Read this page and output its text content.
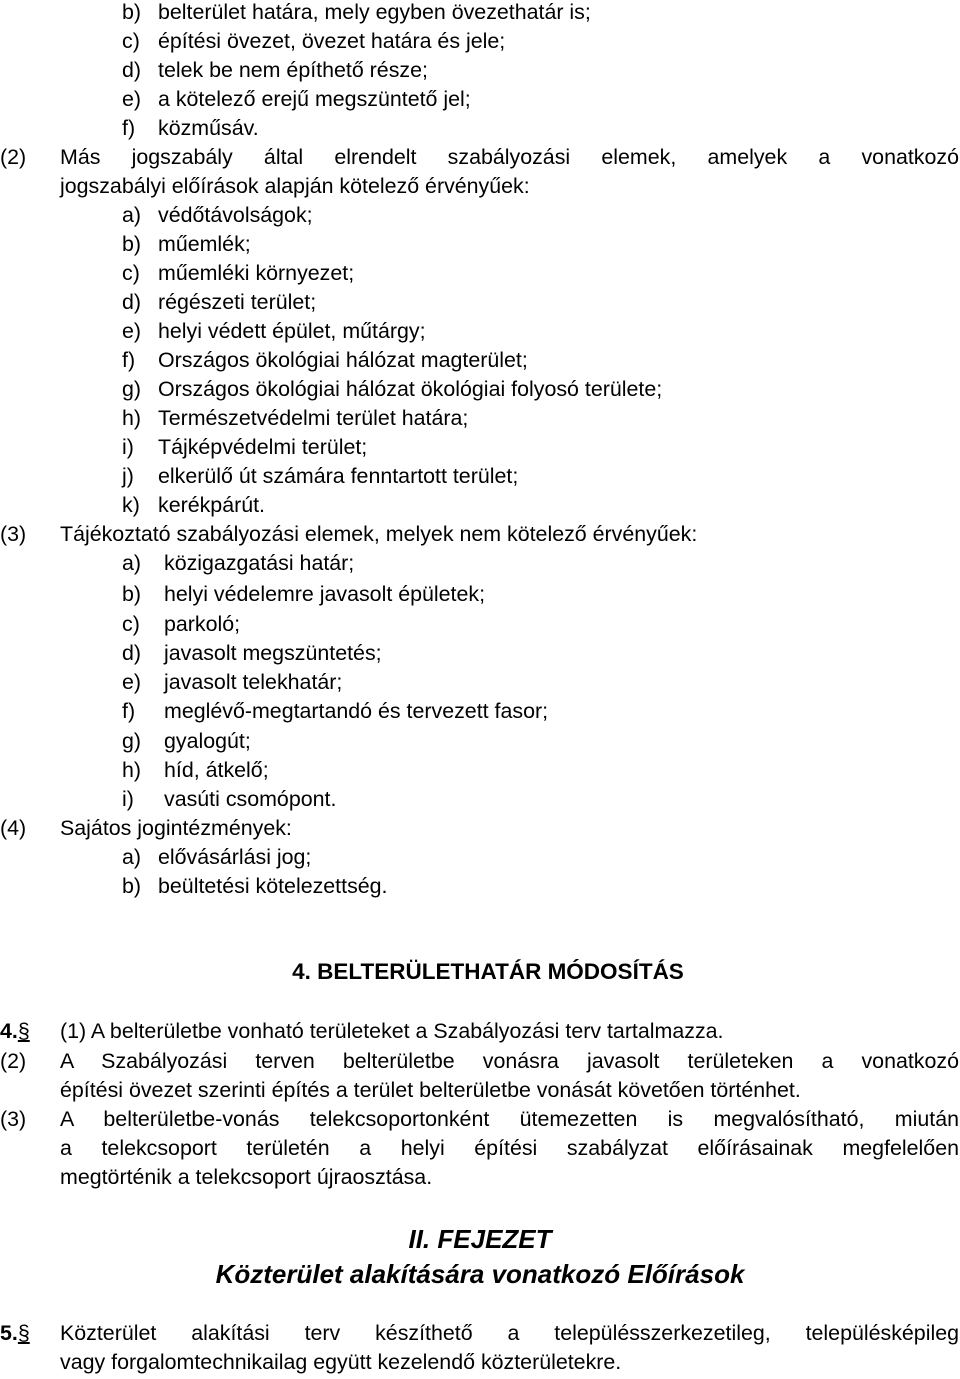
b) belterület határa, mely egyben övezethatár is;
c) építési övezet, övezet határa és jele;
d) telek be nem építhető része;
e) a kötelező erejű megszüntető jel;
f) közműsáv.
(2) Más jogszabály által elrendelt szabályozási elemek, amelyek a vonatkozó
jogszabályi előírások alapján kötelező érvényűek:
a) védőtávolságok;
b) műemlék;
c) műemléki környezet;
d) régészeti terület;
e) helyi védett épület, műtárgy;
f) Országos ökológiai hálózat magterület;
g) Országos ökológiai hálózat ökológiai folyosó területe;
h) Természetvédelmi terület határa;
i) Tájképvédelmi terület;
j) elkerülő út számára fenntartott terület;
k) kerékpárút.
(3) Tájékoztató szabályozási elemek, melyek nem kötelező érvényűek:
a) közigazgatási határ;
b) helyi védelemre javasolt épületek;
c) parkoló;
d) javasolt megszüntetés;
e) javasolt telekhatár;
f) meglévő-megtartandó és tervezett fasor;
g) gyalogút;
h) híd, átkelő;
i) vasúti csomópont.
(4) Sajátos jogintézmények:
a) elővásárlási jog;
b) beültetési kötelezettség.
4. BELTERÜLETHATÁR MÓDOSÍTÁS
4.§ (1) A belterületbe vonható területeket a Szabályozási terv tartalmazza.
(2) A Szabályozási terven belterületbe vonásra javasolt területeken a vonatkozó
építési övezet szerinti építés a terület belterületbe vonását követően történhet.
(3) A belterületbe-vonás telekcsoportonként ütemezetten is megvalósítható, miután
a telekcsoport területén a helyi építési szabályzat előírásainak megfelelően
megtörténik a telekcsoport újraosztása.
II. FEJEZET
Közterület alakítására vonatkozó Előírások
5.§ Közterület alakítási terv készíthető a településszerkezetileg, településképileg
vagy forgalomtechnikailag együtt kezelendő közterületekre.
